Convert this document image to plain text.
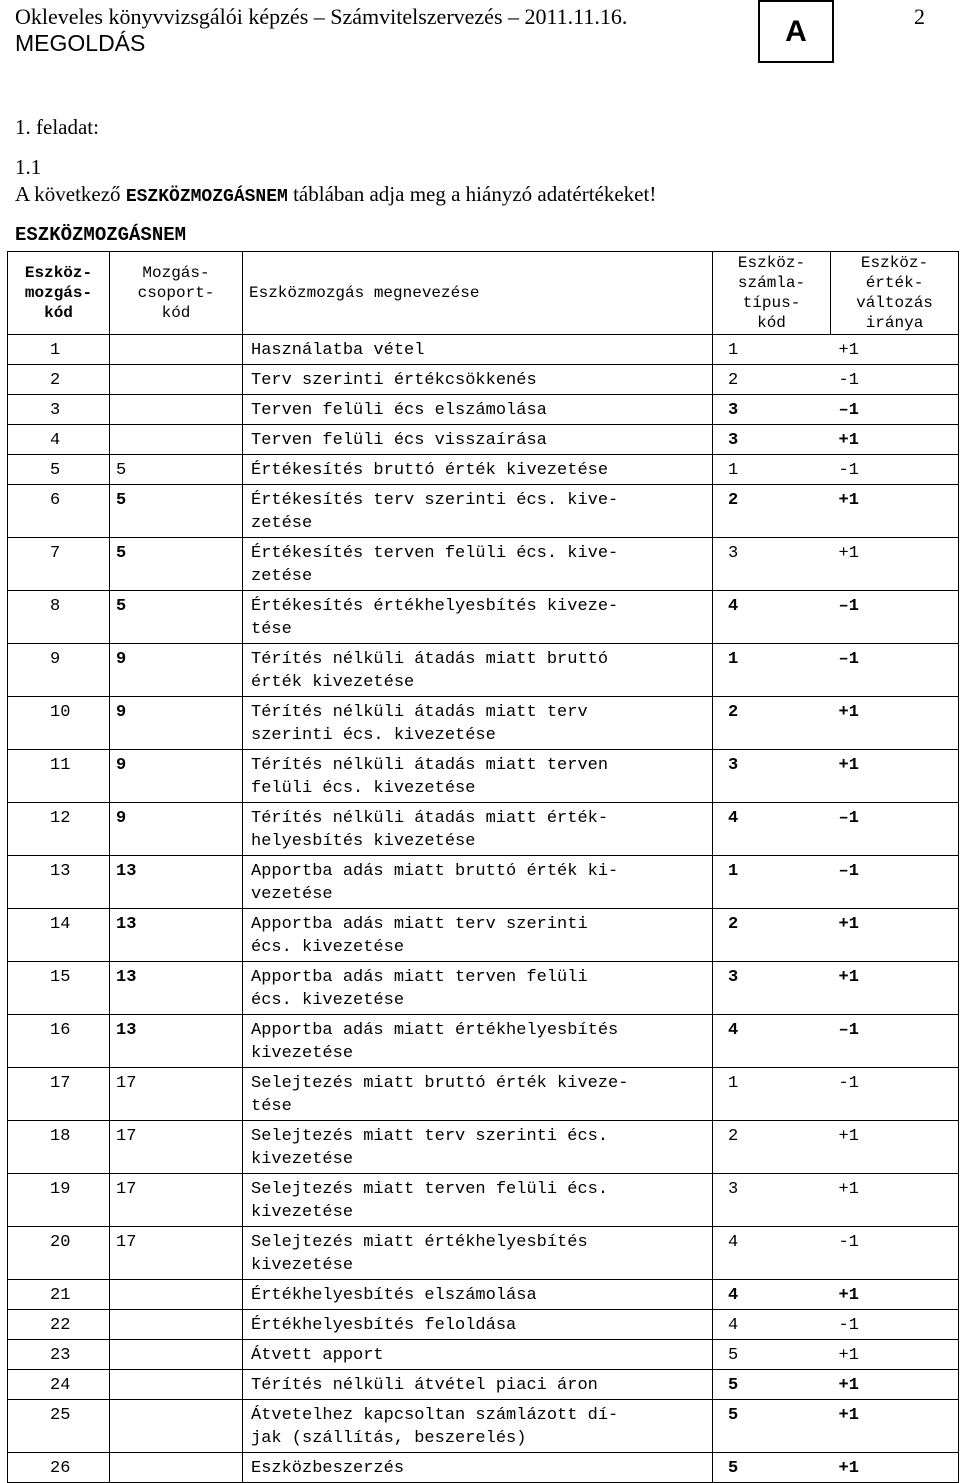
Okleveles könyvvizsgálói képzés – Számvitelszervezés – 2011.11.16.
MEGOLDÁS	A	2
1. feladat:
1.1
A következő ESZKÖZMOZGÁSNEM táblában adja meg a hiányzó adatértékeket!
ESZKÖZMOZGÁSNEM
Eszköz-
mozgás-
kód	Mozgás-
csoport-
kód	Eszközmozgás megnevezése	Eszköz-
számla-
típus-
kód	Eszköz-
érték-
változás
iránya
1		Használatba vétel	1	+1
2		Terv szerinti értékcsökkenés	2	-1
3		Terven felüli écs elszámolása	3	–1
4		Terven felüli écs visszaírása	3	+1
5	5	Értékesítés bruttó érték kivezetése	1	-1
6	5	Értékesítés terv szerinti écs. kive-
zetése	2	+1
7	5	Értékesítés terven felüli écs. kive-
zetése	3	+1
8	5	Értékesítés értékhelyesbítés kiveze-
tése	4	–1
9	9	Térítés nélküli átadás miatt bruttó
érték kivezetése	1	–1
10	9	Térítés nélküli átadás miatt terv
szerinti écs. kivezetése	2	+1
11	9	Térítés nélküli átadás miatt terven
felüli écs. kivezetése	3	+1
12	9	Térítés nélküli átadás miatt érték-
helyesbítés kivezetése	4	–1
13	13	Apportba adás miatt bruttó érték ki-
vezetése	1	–1
14	13	Apportba adás miatt terv szerinti
écs. kivezetése	2	+1
15	13	Apportba adás miatt terven felüli
écs. kivezetése	3	+1
16	13	Apportba adás miatt értékhelyesbítés
kivezetése	4	–1
17	17	Selejtezés miatt bruttó érték kiveze-
tése	1	-1
18	17	Selejtezés miatt terv szerinti écs.
kivezetése	2	+1
19	17	Selejtezés miatt terven felüli écs.
kivezetése	3	+1
20	17	Selejtezés miatt értékhelyesbítés
kivezetése	4	-1
21		Értékhelyesbítés elszámolása	4	+1
22		Értékhelyesbítés feloldása	4	-1
23		Átvett apport	5	+1
24		Térítés nélküli átvétel piaci áron	5	+1
25		Átvetelhez kapcsoltan számlázott dí-
jak (szállítás, beszerelés)	5	+1
26		Eszközbeszerzés	5	+1
